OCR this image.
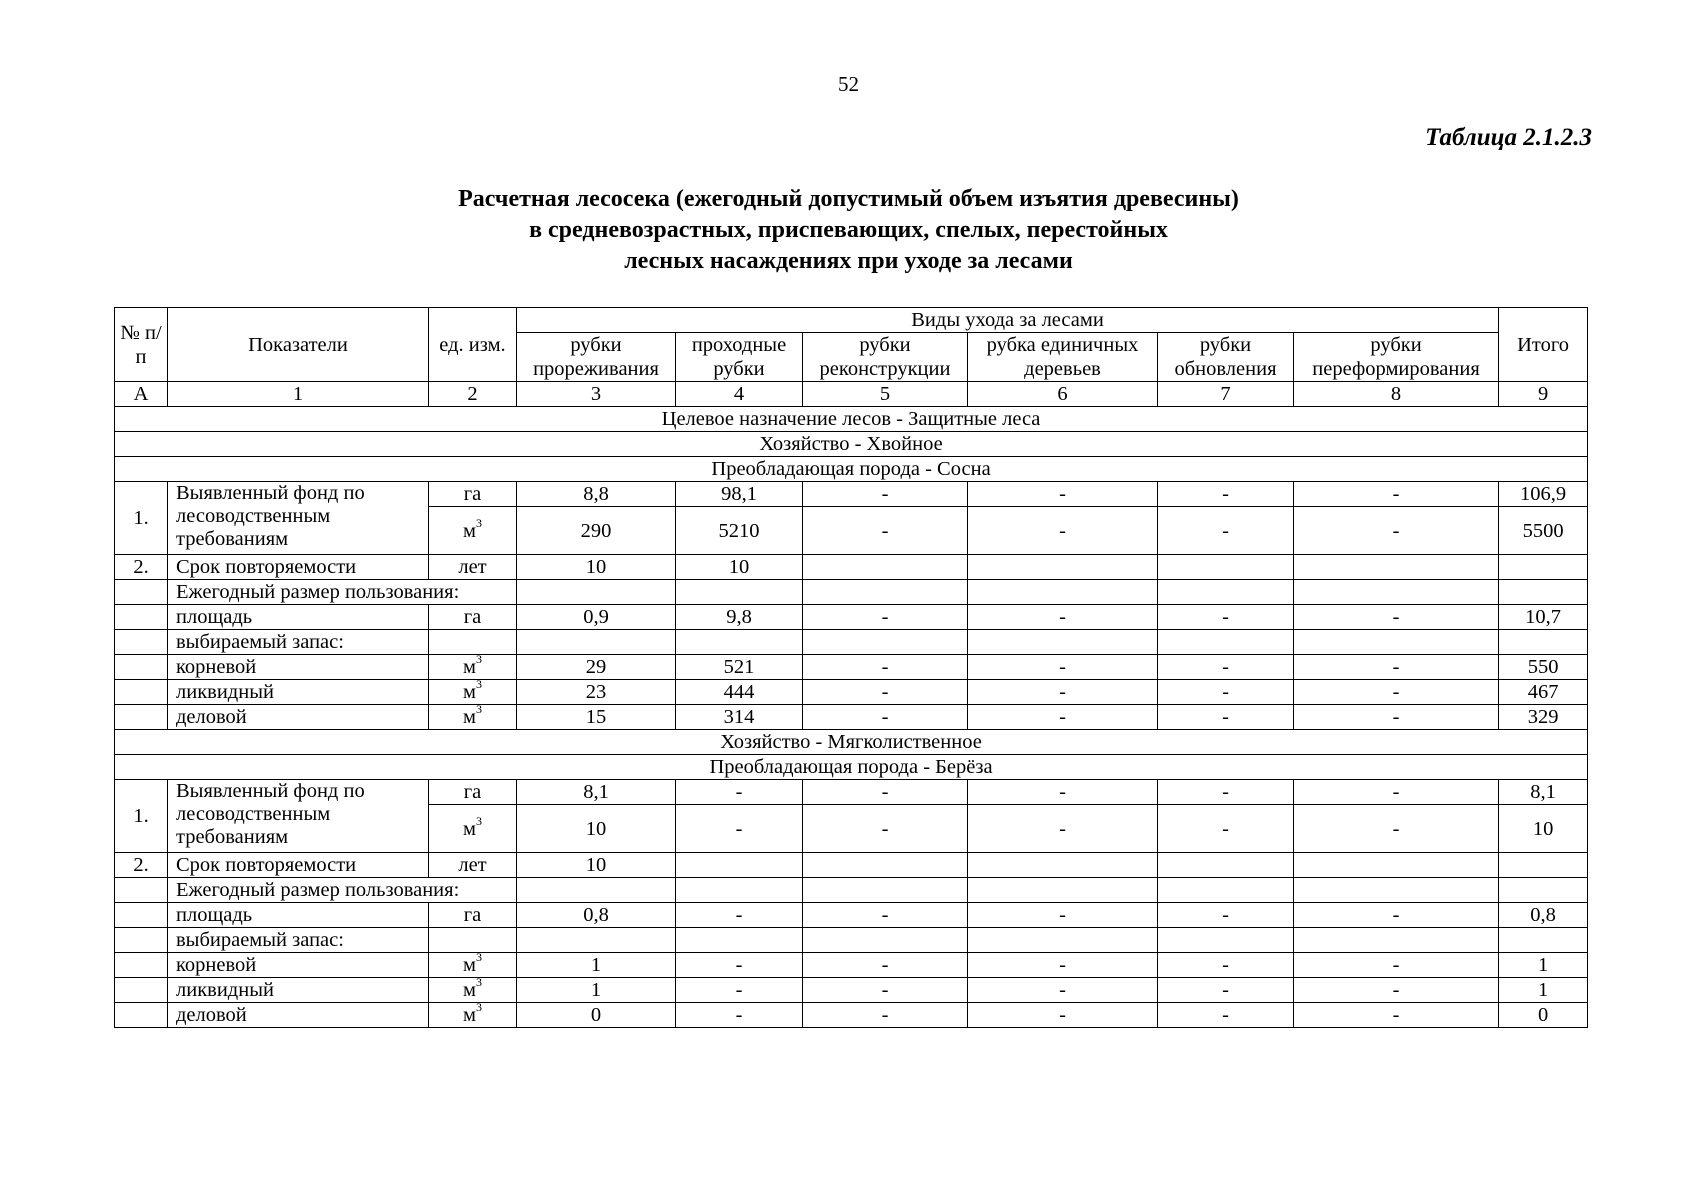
52
Таблица 2.1.2.3
Расчетная лесосека (ежегодный допустимый объем изъятия древесины)
в средневозрастных, приспевающих, спелых, перестойных
лесных насаждениях при уходе за лесами
№ п/п	Показатели	ед. изм.	Виды ухода за лесами						Итого
			рубки прореживания	проходные рубки	рубки реконструкции	рубка единичных деревьев	рубки обновления	рубки переформирования	

А	1	2	3	4	5	6	7	8	9
Целевое назначение лесов - Защитные леса									
Хозяйство - Хвойное									
Преобладающая порода - Сосна									
1.	Выявленный фонд по лесоводственным требованиям	га	8,8	98,1	-	-	-	-	106,9
		$м^3$	290	5210	-	-	-	-	5500
2.	Срок повторяемости	лет	10	10					
	Ежегодный размер пользования:								
	площадь	га	0,9	9,8	-	-	-	-	10,7
	выбираемый запас:								
	корневой	$м^3$	29	521	-	-	-	-	550
	ликвидный	$м^3$	23	444	-	-	-	-	467
	деловой	$м^3$	15	314	-	-	-	-	329
Хозяйство - Мягколиственное									
Преобладающая порода - Берёза									
1.	Выявленный фонд по лесоводственным требованиям	га	8,1	-	-	-	-	-	8,1
		$м^3$	10	-	-	-	-	-	10
2.	Срок повторяемости	лет	10						
	Ежегодный размер пользования:								
	площадь	га	0,8	-	-	-	-	-	0,8
	выбираемый запас:								
	корневой	$м^3$	1	-	-	-	-	-	1
	ликвидный	$м^3$	1	-	-	-	-	-	1
	деловой	$м^3$	0	-	-	-	-	-	0
